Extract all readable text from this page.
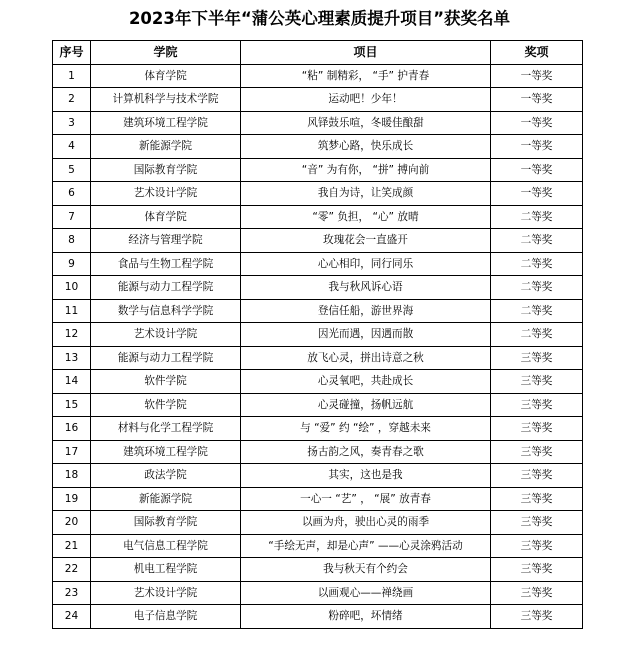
2023年下半年“蒲公英心理素质提升项目”获奖名单
序号	学院	项目	奖项
1	体育学院	“粘” 制精彩， “手” 护青春	一等奖
2	计算机科学与技术学院	运动吧！少年！	一等奖
3	建筑环境工程学院	风铎鼓乐喧，冬暖佳酿甜	一等奖
4	新能源学院	筑梦心路，快乐成长	一等奖
5	国际教育学院	“音” 为有你， “拼” 搏向前	一等奖
6	艺术设计学院	我自为诗，让笑成颜	一等奖
7	体育学院	“零” 负担， “心” 放晴	二等奖
8	经济与管理学院	玫瑰花会一直盛开	二等奖
9	食品与生物工程学院	心心相印，同行同乐	二等奖
10	能源与动力工程学院	我与秋风诉心语	二等奖
11	数学与信息科学学院	登信任船，游世界海	二等奖
12	艺术设计学院	因光而遇，因遇而散	二等奖
13	能源与动力工程学院	放飞心灵，拼出诗意之秋	三等奖
14	软件学院	心灵氧吧，共赴成长	三等奖
15	软件学院	心灵碰撞，扬帆远航	三等奖
16	材料与化学工程学院	与 “爱” 约 “绘” ，穿越未来	三等奖
17	建筑环境工程学院	扬古韵之风，奏青春之歌	三等奖
18	政法学院	其实，这也是我	三等奖
19	新能源学院	一心一 “艺” ， “展” 放青春	三等奖
20	国际教育学院	以画为舟，驶出心灵的雨季	三等奖
21	电气信息工程学院	“手绘无声，却是心声” ——心灵涂鸦活动	三等奖
22	机电工程学院	我与秋天有个约会	三等奖
23	艺术设计学院	以画观心——禅绕画	三等奖
24	电子信息学院	粉碎吧，坏情绪	三等奖
